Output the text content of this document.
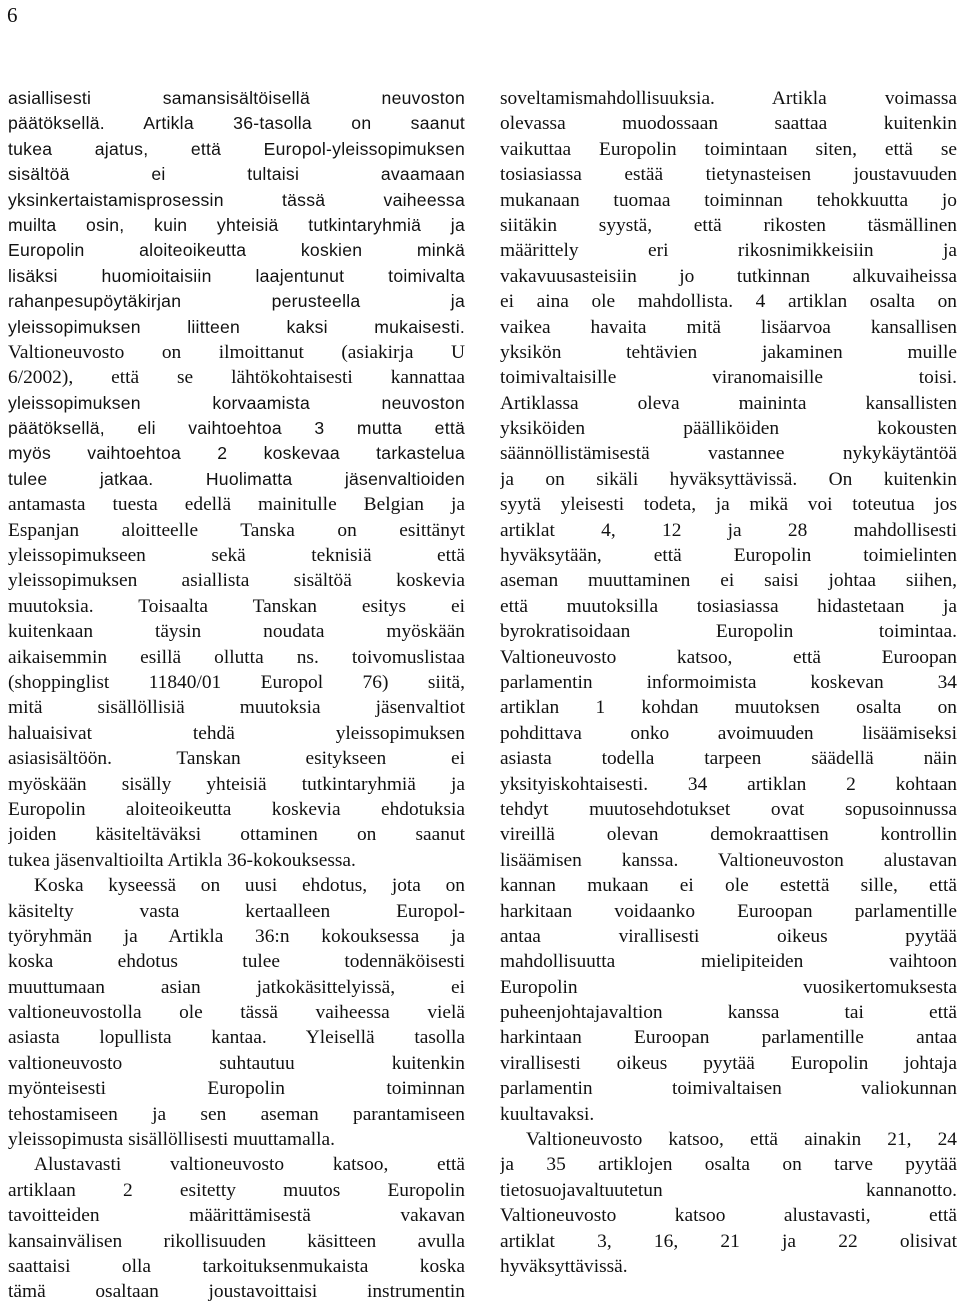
6
asiallisesti samansisältöisellä neuvoston
päätöksellä. Artikla 36-tasolla on saanut
tukea ajatus, että Europol-yleissopimuksen
sisältöä ei tultaisi avaamaan
yksinkertaistamisprosessin tässä vaiheessa
muilta osin, kuin yhteisiä tutkintaryhmiä ja
Europolin aloiteoikeutta koskien minkä
lisäksi huomioitaisiin laajentunut toimivalta
rahanpesupöytäkirjan perusteella ja
yleissopimuksen liitteen kaksi mukaisesti.
Valtioneuvosto on ilmoittanut (asiakirja U
6/2002), että se lähtökohtaisesti kannattaa
yleissopimuksen korvaamista neuvoston
päätöksellä, eli vaihtoehtoa 3 mutta että
myös vaihtoehtoa 2 koskevaa tarkastelua
tulee jatkaa. Huolimatta jäsenvaltioiden
antamasta tuesta edellä mainitulle Belgian ja
Espanjan aloitteelle Tanska on esittänyt
yleissopimukseen sekä teknisiä että
yleissopimuksen asiallista sisältöä koskevia
muutoksia. Toisaalta Tanskan esitys ei
kuitenkaan täysin noudata myöskään
aikaisemmin esillä ollutta ns. toivomuslistaa
(shoppinglist 11840/01 Europol 76) siitä,
mitä sisällöllisiä muutoksia jäsenvaltiot
haluaisivat tehdä yleissopimuksen
asiasisältöön. Tanskan esitykseen ei
myöskään sisälly yhteisiä tutkintaryhmiä ja
Europolin aloiteoikeutta koskevia ehdotuksia
joiden käsiteltäväksi ottaminen on saanut
tukea jäsenvaltioilta Artikla 36-kokouksessa.
Koska kyseessä on uusi ehdotus, jota on
käsitelty vasta kertaalleen Europol-
työryhmän ja Artikla 36:n kokouksessa ja
koska ehdotus tulee todennäköisesti
muuttumaan asian jatkokäsittelyissä, ei
valtioneuvostolla ole tässä vaiheessa vielä
asiasta lopullista kantaa. Yleisellä tasolla
valtioneuvosto suhtautuu kuitenkin
myönteisesti Europolin toiminnan
tehostamiseen ja sen aseman parantamiseen
yleissopimusta sisällöllisesti muuttamalla.
Alustavasti valtioneuvosto katsoo, että
artiklaan 2 esitetty muutos Europolin
tavoitteiden määrittämisestä vakavan
kansainvälisen rikollisuuden käsitteen avulla
saattaisi olla tarkoituksenmukaista koska
tämä osaltaan joustavoittaisi instrumentin
soveltamismahdollisuuksia. Artikla voimassa
olevassa muodossaan saattaa kuitenkin
vaikuttaa Europolin toimintaan siten, että se
tosiasiassa estää tietynasteisen joustavuuden
mukanaan tuomaa toiminnan tehokkuutta jo
siitäkin syystä, että rikosten täsmällinen
määrittely eri rikosnimikkeisiin ja
vakavuusasteisiin jo tutkinnan alkuvaiheissa
ei aina ole mahdollista. 4 artiklan osalta on
vaikea havaita mitä lisäarvoa kansallisen
yksikön tehtävien jakaminen muille
toimivaltaisille viranomaisille toisi.
Artiklassa oleva maininta kansallisten
yksiköiden päälliköiden kokousten
säännöllistämisestä vastannee nykykäytäntöä
ja on sikäli hyväksyttävissä. On kuitenkin
syytä yleisesti todeta, ja mikä voi toteutua jos
artiklat 4, 12 ja 28 mahdollisesti
hyväksytään, että Europolin toimielinten
aseman muuttaminen ei saisi johtaa siihen,
että muutoksilla tosiasiassa hidastetaan ja
byrokratisoidaan Europolin toimintaa.
Valtioneuvosto katsoo, että Euroopan
parlamentin informoimista koskevan 34
artiklan 1 kohdan muutoksen osalta on
pohdittava onko avoimuuden lisäämiseksi
asiasta todella tarpeen säädellä näin
yksityiskohtaisesti. 34 artiklan 2 kohtaan
tehdyt muutosehdotukset ovat sopusoinnussa
vireillä olevan demokraattisen kontrollin
lisäämisen kanssa. Valtioneuvoston alustavan
kannan mukaan ei ole estettä sille, että
harkitaan voidaanko Euroopan parlamentille
antaa virallisesti oikeus pyytää
mahdollisuutta mielipiteiden vaihtoon
Europolin vuosikertomuksesta
puheenjohtajavaltion kanssa tai että
harkintaan Euroopan parlamentille antaa
virallisesti oikeus pyytää Europolin johtaja
parlamentin toimivaltaisen valiokunnan
kuultavaksi.
Valtioneuvosto katsoo, että ainakin 21, 24
ja 35 artiklojen osalta on tarve pyytää
tietosuojavaltuutetun kannanotto.
Valtioneuvosto katsoo alustavasti, että
artiklat 3, 16, 21 ja 22 olisivat
hyväksyttävissä.
